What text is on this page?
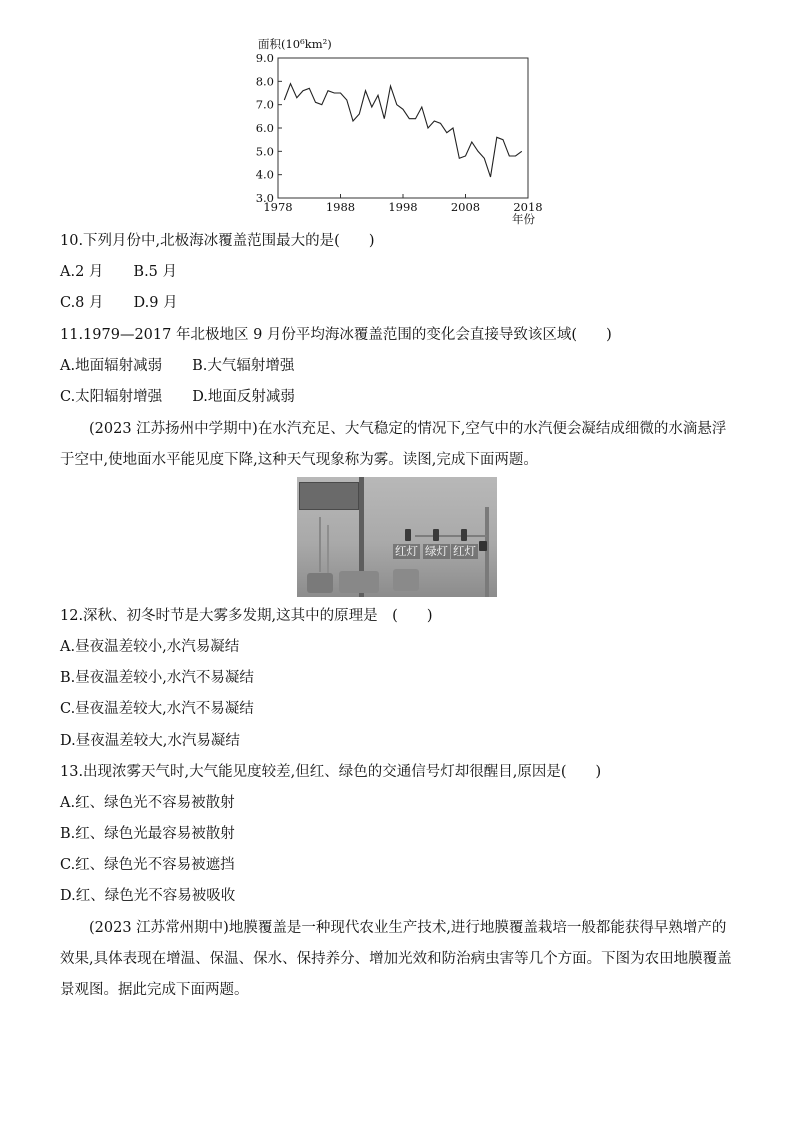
面积(10⁶km²)
3.0
4.0
5.0
6.0
7.0
8.0
9.0
1978	1988	1998	2008	2018
年份
10.下列月份中,北极海冰覆盖范围最大的是(　　)
A.2 月 B.5 月
C.8 月 D.9 月
11.1979—2017 年北极地区 9 月份平均海冰覆盖范围的变化会直接导致该区域(　　)
A.地面辐射减弱 B.大气辐射增强
C.太阳辐射增强 D.地面反射减弱
(2023 江苏扬州中学期中)在水汽充足、大气稳定的情况下,空气中的水汽便会凝结成细微的水滴悬浮于空中,使地面水平能见度下降,这种天气现象称为雾。读图,完成下面两题。
红灯 绿灯 红灯
12.深秋、初冬时节是大雾多发期,这其中的原理是　(　　)
A.昼夜温差较小,水汽易凝结
B.昼夜温差较小,水汽不易凝结
C.昼夜温差较大,水汽不易凝结
D.昼夜温差较大,水汽易凝结
13.出现浓雾天气时,大气能见度较差,但红、绿色的交通信号灯却很醒目,原因是(　　)
A.红、绿色光不容易被散射
B.红、绿色光最容易被散射
C.红、绿色光不容易被遮挡
D.红、绿色光不容易被吸收
(2023 江苏常州期中)地膜覆盖是一种现代农业生产技术,进行地膜覆盖栽培一般都能获得早熟增产的效果,具体表现在增温、保温、保水、保持养分、增加光效和防治病虫害等几个方面。下图为农田地膜覆盖景观图。据此完成下面两题。
